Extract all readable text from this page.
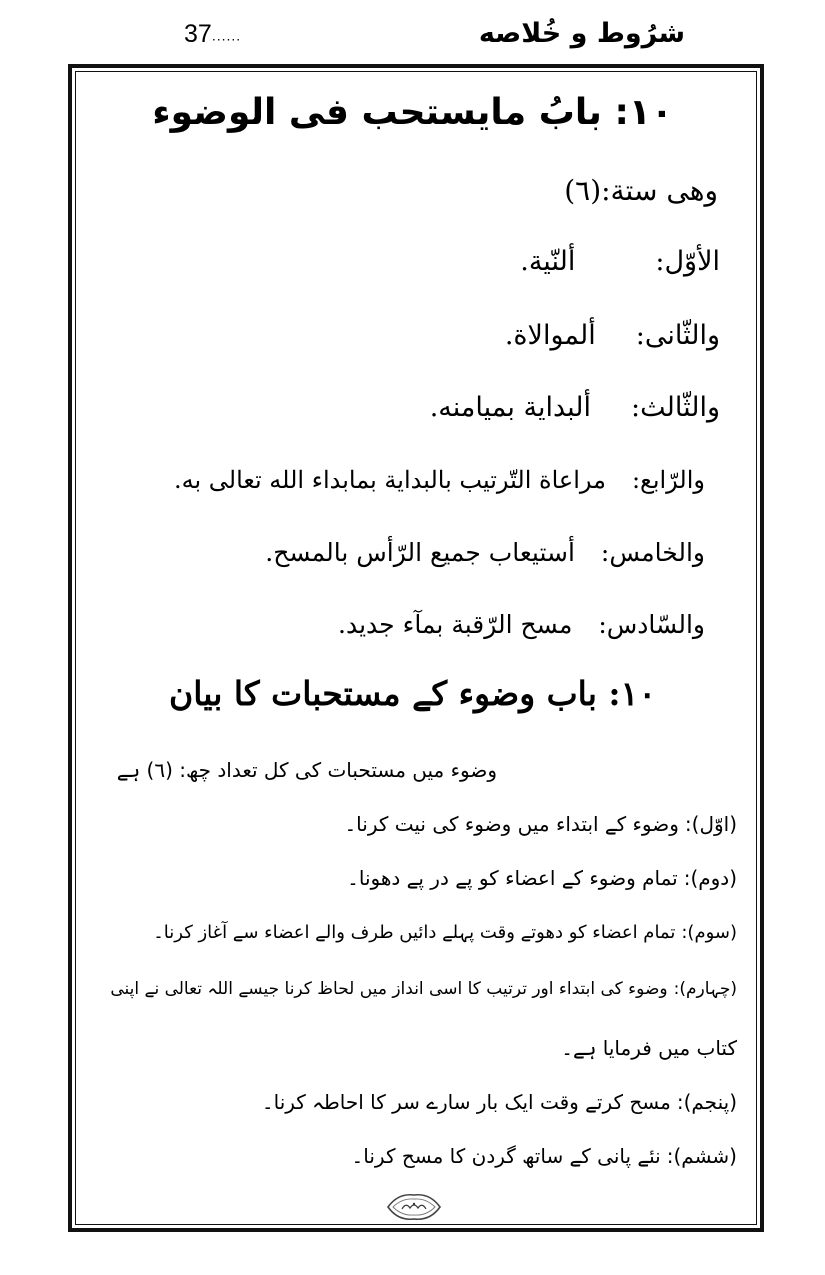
37......	شرُوط و خُلاصه
١٠: بابُ مایستحب فی الوضوء
وهی ستة:(٦)
الأوّل:ألنّية.
والثّانی:ألموالاة.
والثّالث:ألبداية بميامنه.
والرّابع:مراعاة التّرتيب بالبداية بمابداء الله تعالی به.
والخامس:أستيعاب جميع الرّأس بالمسح.
والسّادس:مسح الرّقبة بمآء جديد.
١٠: باب وضوء کے مستحبات کا بیان
وضوء میں مستحبات کی کل تعداد چھ: (٦) ہے
(اوّل):وضوء کے ابتداء میں وضوء کی نیت کرنا۔
(دوم):تمام وضوء کے اعضاء کو پے در پے دھونا۔
(سوم):تمام اعضاء کو دھوتے وقت پہلے دائیں طرف والے اعضاء سے آغاز کرنا۔
(چہارم):وضوء کی ابتداء اور ترتیب کا اسی انداز میں لحاظ کرنا جیسے اللہ تعالی نے اپنی
کتاب میں فرمایا ہے۔
(پنجم):مسح کرتے وقت ایک بار سارے سر کا احاطہ کرنا۔
(ششم):نئے پانی کے ساتھ گردن کا مسح کرنا۔
